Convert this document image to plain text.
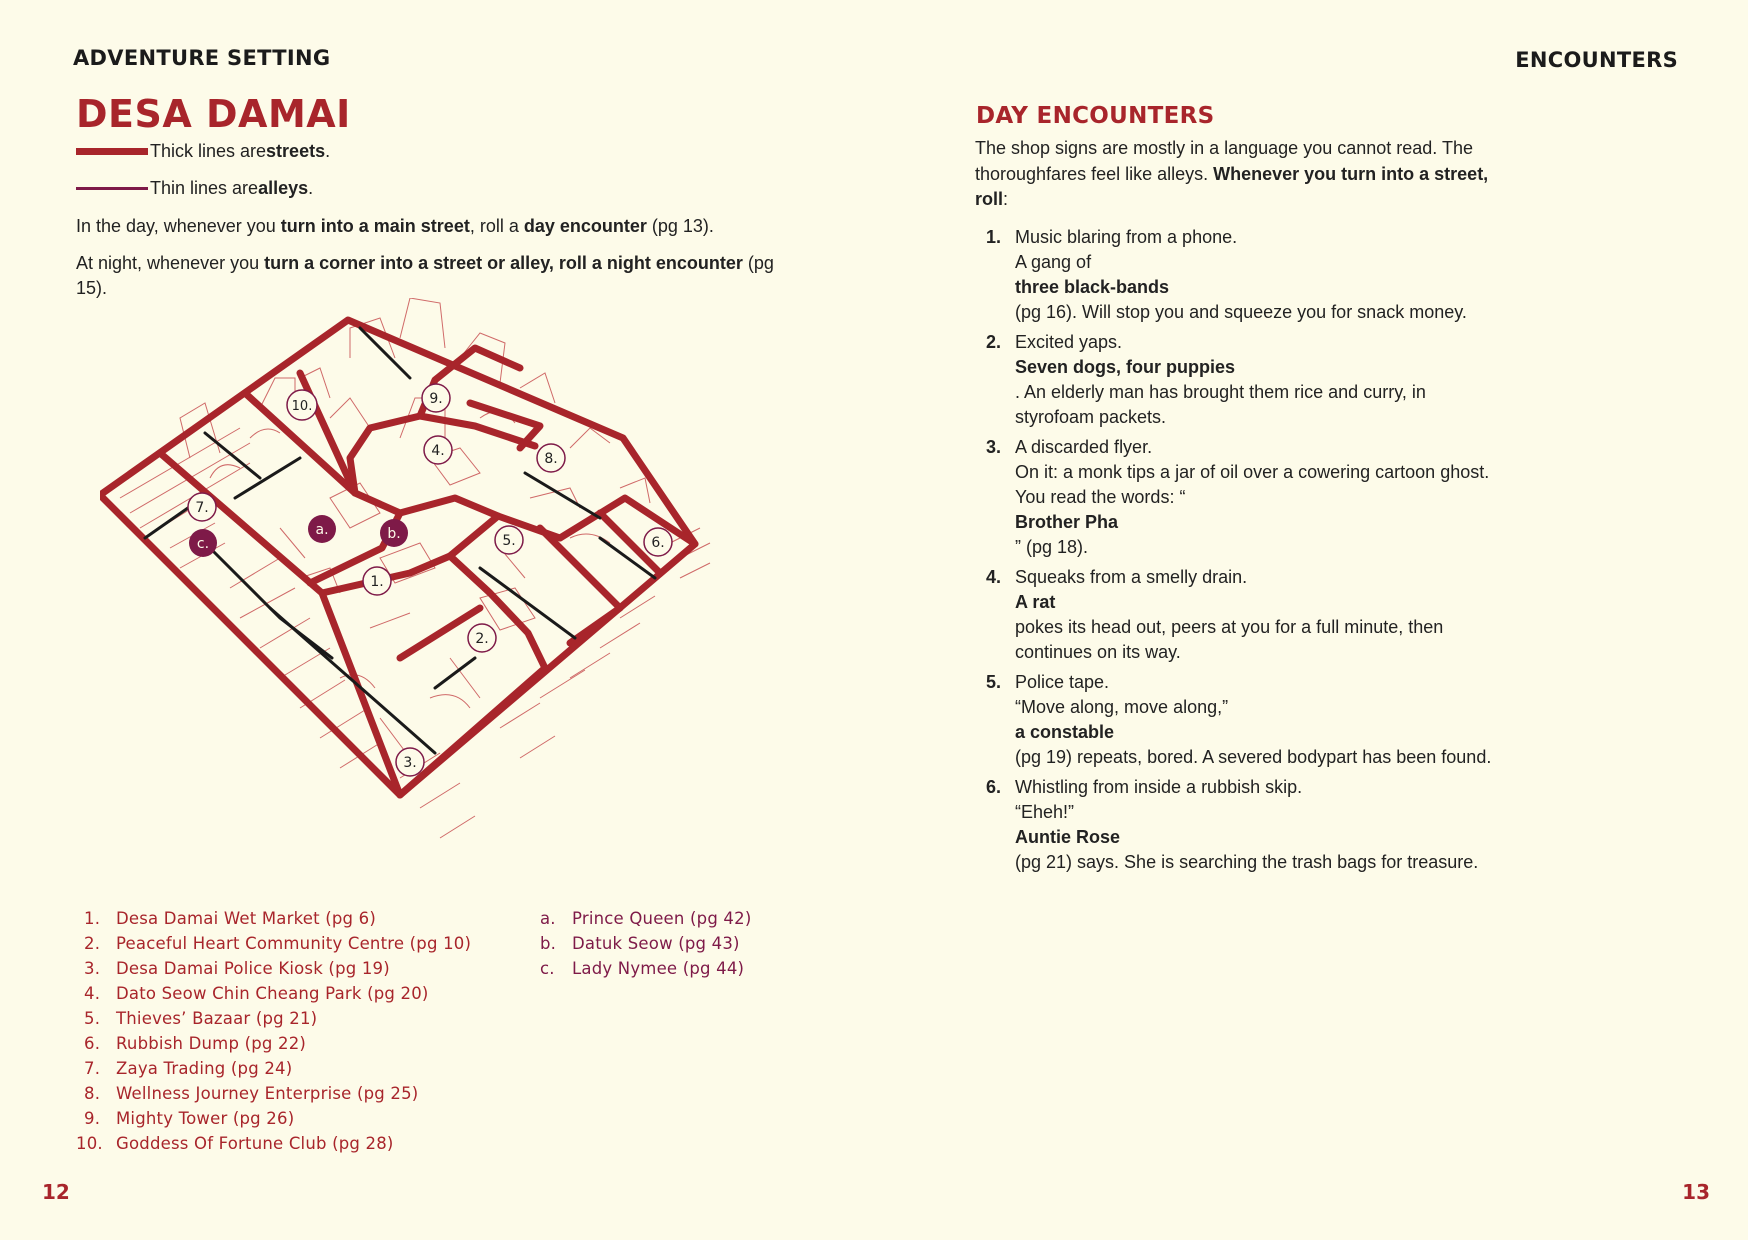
ADVENTURE SETTING
DESA DAMAI
Thick lines are streets .
Thin lines are alleys .

In the day, whenever you turn into a main street, roll a day encounter (pg 13).

At night, whenever you turn a corner into a street or alley, roll a night encounter (pg 15).

1.
2.
3.
4.
5.	6.
7.
8.
9.
10.
a.	b.
c.
1. Desa Damai Wet Market (pg 6)
2. Peaceful Heart Community Centre (pg 10)
3. Desa Damai Police Kiosk (pg 19)
4. Dato Seow Chin Cheang Park (pg 20)
5. Thieves’ Bazaar (pg 21)
6. Rubbish Dump (pg 22)
7. Zaya Trading (pg 24)
8. Wellness Journey Enterprise (pg 25)
9. Mighty Tower (pg 26)
10. Goddess Of Fortune Club (pg 28)
a. Prince Queen (pg 42)
b. Datuk Seow (pg 43)
c. Lady Nymee (pg 44)
12
ENCOUNTERS
DAY ENCOUNTERS

The shop signs are mostly in a language you cannot read. The thoroughfares feel like alleys. Whenever you turn into a street, roll:

1. Music blaring from a phone.
A gang of
three black-bands
(pg 16). Will stop you and squeeze you for snack money.
2. Excited yaps.
Seven dogs, four puppies
. An elderly man has brought them rice and curry, in styrofoam packets.
3. A discarded flyer.
On it: a monk tips a jar of oil over a cowering cartoon ghost. You read the words: “
Brother Pha
” (pg 18).
4. Squeaks from a smelly drain.
A rat
pokes its head out, peers at you for a full minute, then continues on its way.
5. Police tape.
“Move along, move along,”
a constable
(pg 19) repeats, bored. A severed bodypart has been found.
6. Whistling from inside a rubbish skip.
“Eheh!”
Auntie Rose
(pg 21) says. She is searching the trash bags for treasure.
13
